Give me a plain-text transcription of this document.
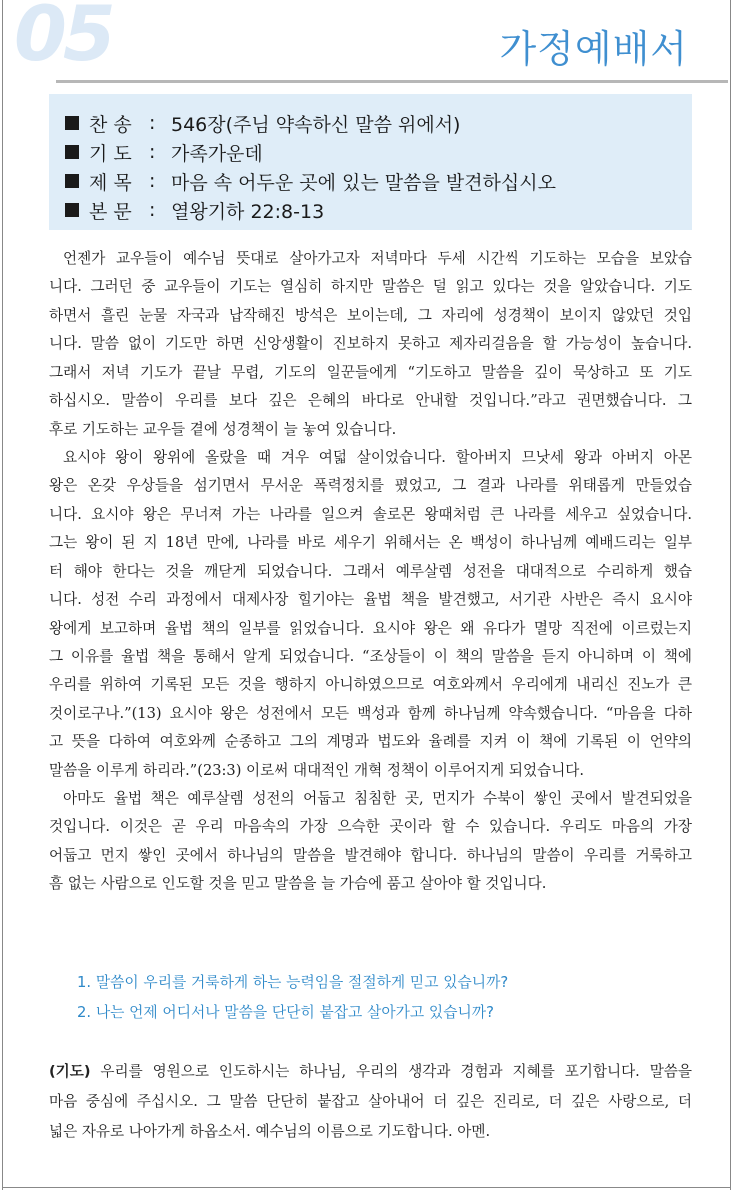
05	가정예배서
찬 송 : 546장(주님 약속하신 말씀 위에서)
기 도 : 가족가운데
제 목 : 마음 속 어두운 곳에 있는 말씀을 발견하십시오
본 문 : 열왕기하 22:8-13
언젠가 교우들이 예수님 뜻대로 살아가고자 저녁마다 두세 시간씩 기도하는 모습을 보았습
니다. 그러던 중 교우들이 기도는 열심히 하지만 말씀은 덜 읽고 있다는 것을 알았습니다. 기도
하면서 흘린 눈물 자국과 납작해진 방석은 보이는데, 그 자리에 성경책이 보이지 않았던 것입
니다. 말씀 없이 기도만 하면 신앙생활이 진보하지 못하고 제자리걸음을 할 가능성이 높습니다.
그래서 저녁 기도가 끝날 무렵, 기도의 일꾼들에게 “기도하고 말씀을 깊이 묵상하고 또 기도
하십시오. 말씀이 우리를 보다 깊은 은혜의 바다로 안내할 것입니다.”라고 권면했습니다. 그
후로 기도하는 교우들 곁에 성경책이 늘 놓여 있습니다.
요시야 왕이 왕위에 올랐을 때 겨우 여덟 살이었습니다. 할아버지 므낫세 왕과 아버지 아몬
왕은 온갖 우상들을 섬기면서 무서운 폭력정치를 폈었고, 그 결과 나라를 위태롭게 만들었습
니다. 요시야 왕은 무너져 가는 나라를 일으켜 솔로몬 왕때처럼 큰 나라를 세우고 싶었습니다.
그는 왕이 된 지 18년 만에, 나라를 바로 세우기 위해서는 온 백성이 하나님께 예배드리는 일부
터 해야 한다는 것을 깨닫게 되었습니다. 그래서 예루살렘 성전을 대대적으로 수리하게 했습
니다. 성전 수리 과정에서 대제사장 힐기야는 율법 책을 발견했고, 서기관 사반은 즉시 요시야
왕에게 보고하며 율법 책의 일부를 읽었습니다. 요시야 왕은 왜 유다가 멸망 직전에 이르렀는지
그 이유를 율법 책을 통해서 알게 되었습니다. “조상들이 이 책의 말씀을 듣지 아니하며 이 책에
우리를 위하여 기록된 모든 것을 행하지 아니하였으므로 여호와께서 우리에게 내리신 진노가 큰
것이로구나.”(13) 요시야 왕은 성전에서 모든 백성과 함께 하나님께 약속했습니다. “마음을 다하
고 뜻을 다하여 여호와께 순종하고 그의 계명과 법도와 율례를 지켜 이 책에 기록된 이 언약의
말씀을 이루게 하리라.”(23:3) 이로써 대대적인 개혁 정책이 이루어지게 되었습니다.
아마도 율법 책은 예루살렘 성전의 어둡고 침침한 곳, 먼지가 수북이 쌓인 곳에서 발견되었을
것입니다. 이것은 곧 우리 마음속의 가장 으슥한 곳이라 할 수 있습니다. 우리도 마음의 가장
어둡고 먼지 쌓인 곳에서 하나님의 말씀을 발견해야 합니다. 하나님의 말씀이 우리를 거룩하고
흠 없는 사람으로 인도할 것을 믿고 말씀을 늘 가슴에 품고 살아야 할 것입니다.
1. 말씀이 우리를 거룩하게 하는 능력임을 절절하게 믿고 있습니까?
2. 나는 언제 어디서나 말씀을 단단히 붙잡고 살아가고 있습니까?
(기도) 우리를 영원으로 인도하시는 하나님, 우리의 생각과 경험과 지혜를 포기합니다. 말씀을
마음 중심에 주십시오. 그 말씀 단단히 붙잡고 살아내어 더 깊은 진리로, 더 깊은 사랑으로, 더
넓은 자유로 나아가게 하옵소서. 예수님의 이름으로 기도합니다. 아멘.
